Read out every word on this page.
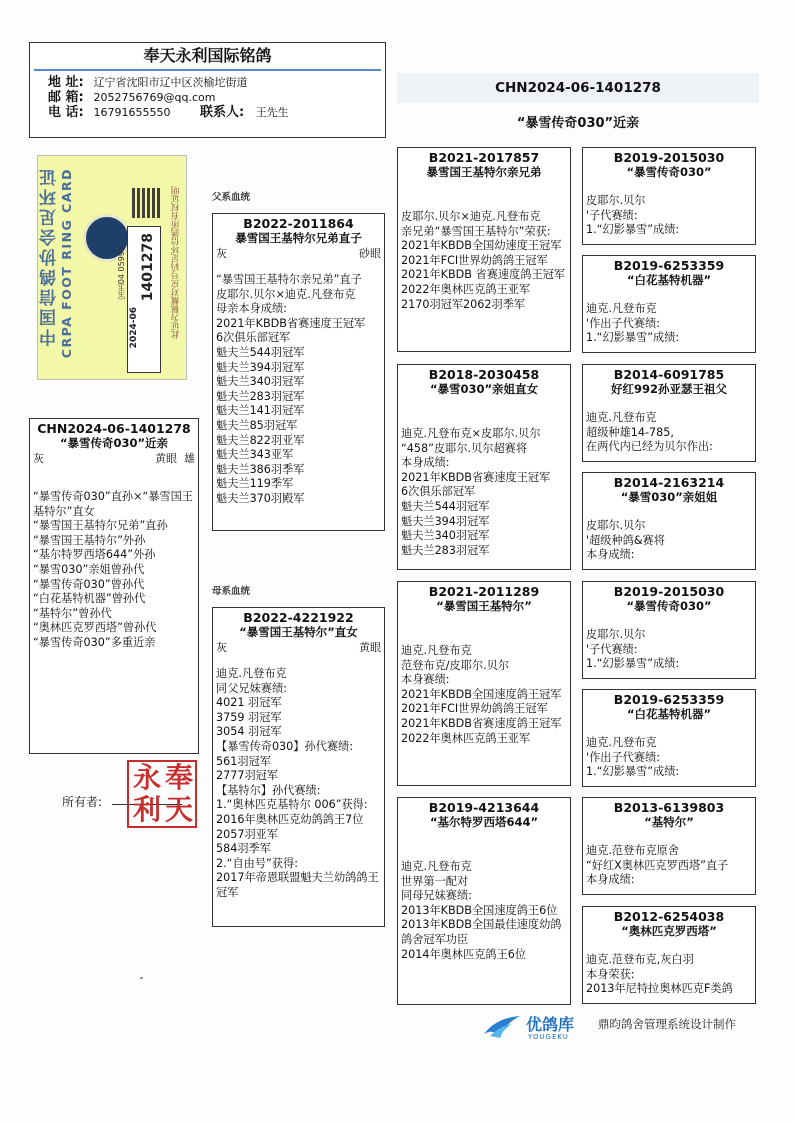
奉天永利国际铭鸽
地 址: 辽宁省沈阳市辽中区茨榆坨街道
邮 箱: 2052756769@qq.com
电 话: 16791655550 联系人: 王先生
CHN2024-06-1401278
“暴雪传奇030”近亲
中国信鸽协会足环证 CRPA FOOT RING CARD	2024-06
1401278
宝玉04 05997	此证为佩戴对应号码足环信鸽所有权证明	父系血统
母系血统
CHN2024-06-1401278
“暴雪传奇030”近亲
灰	黄眼 雄
“暴雪传奇030”直孙×“暴雪国王基特尔”直女
“暴雪国王基特尔兄弟”直孙
“暴雪国王基特尔”外孙
“基尔特罗西塔644”外孙
“暴雪030”亲姐曾孙代
“暴雪传奇030”曾孙代
“白花基特机器”曾孙代
“基特尔”曾孙代
“奥林匹克罗西塔”曾孙代
“暴雪传奇030”多重近亲
所有者:
奉
天
永
利
B2022-2011864
暴雪国王基特尔兄弟直子
灰	砂眼
“暴雪国王基特尔亲兄弟”直子
皮耶尔.贝尔×迪克.凡登布克
母亲本身成绩:
2021年KBDB省赛速度王冠军
6次俱乐部冠军
魁夫兰544羽冠军
魁夫兰394羽冠军
魁夫兰340羽冠军
魁夫兰283羽冠军
魁夫兰141羽冠军
魁夫兰85羽冠军
魁夫兰822羽亚军
魁夫兰343亚军
魁夫兰386羽季军
魁夫兰119季军
魁夫兰370羽殿军
B2022-4221922
“暴雪国王基特尔”直女
灰	黄眼
迪克.凡登布克
同父兄妹赛绩:
4021 羽冠军
3759 羽冠军
3054 羽冠军
【暴雪传奇030】孙代赛绩:
561羽冠军
2777羽冠军
【基特尔】孙代赛绩:
1.“奥林匹克基特尔 006”获得:
2016年奥林匹克幼鸽鸽王7位
2057羽亚军
584羽季军
2.“自由号”获得:
2017年帝恩联盟魁夫兰幼鸽鸽王冠军
B2021-2017857
暴雪国王基特尔亲兄弟
皮耶尔.贝尔×迪克.凡登布克
亲兄弟“暴雪国王基特尔”荣获:
2021年KBDB全国幼速度王冠军
2021年FCI世界幼鸽鸽王冠军
2021年KBDB 省赛速度鸽王冠军
2022年奥林匹克鸽王亚军
2170羽冠军2062羽季军
B2018-2030458
“暴雪030”亲姐直女
迪克.凡登布克×皮耶尔.贝尔
“458”皮耶尔.贝尔超赛将
本身成绩:
2021年KBDB省赛速度王冠军
6次俱乐部冠军
魁夫兰544羽冠军
魁夫兰394羽冠军
魁夫兰340羽冠军
魁夫兰283羽冠军
B2021-2011289
“暴雪国王基特尔”
迪克.凡登布克
范登布克/皮耶尔.贝尔
本身赛绩:
2021年KBDB全国速度鸽王冠军
2021年FCI世界幼鸽鸽王冠军
2021年KBDB省赛速度鸽王冠军
2022年奥林匹克鸽王亚军
B2019-4213644
“基尔特罗西塔644”
迪克.凡登布克
世界第一配对
同母兄妹赛绩:
2013年KBDB全国速度鸽王6位
2013年KBDB全国最佳速度幼鸽鸽舍冠军功臣
2014年奥林匹克鸽王6位
B2019-2015030
“暴雪传奇030”
皮耶尔.贝尔
'子代赛绩:
1.“幻影暴雪”成绩:
B2019-6253359
“白花基特机器”
迪克.凡登布克
'作出子代赛绩:
1.“幻影暴雪”成绩:
B2014-6091785
好红992孙亚瑟王祖父
迪克.凡登布克
超级种雄14-785,
在两代内已经为贝尔作出:
B2014-2163214
“暴雪030”亲姐姐
皮耶尔.贝尔
'超级种鸽&赛将
本身成绩:
B2019-2015030
“暴雪传奇030”
皮耶尔.贝尔
'子代赛绩:
1.“幻影暴雪”成绩:
B2019-6253359
“白花基特机器”
迪克.凡登布克
'作出子代赛绩:
1.“幻影暴雪”成绩:
B2013-6139803
“基特尔”
迪克.范登布克原舍
“好红X奥林匹克罗西塔”直子
本身成绩:
B2012-6254038
“奥林匹克罗西塔”
迪克.范登布克,灰白羽
本身荣获:
2013年尼特拉奥林匹克F类鸽
优鸽库
YOUGEKU
鼎昀鸽舍管理系统设计制作
